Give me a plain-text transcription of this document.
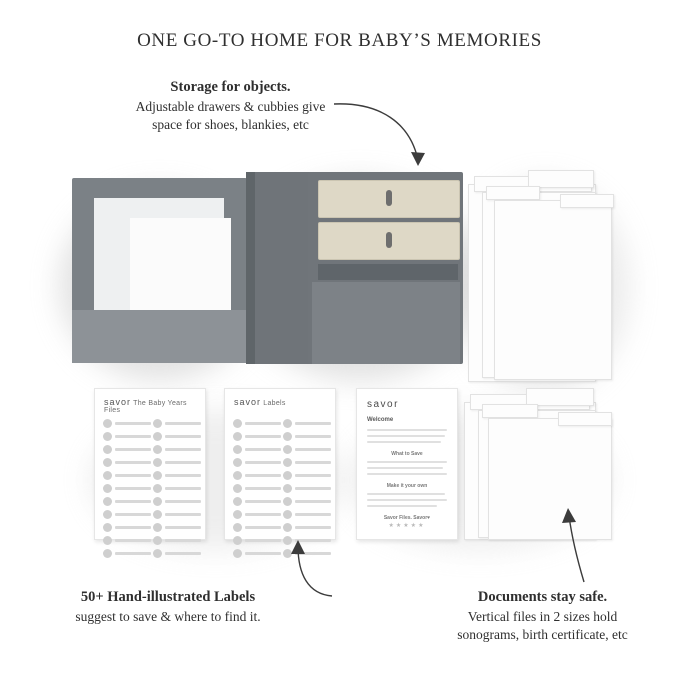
ONE GO-TO HOME FOR BABY’S MEMORIES
savor The Baby Years Files
savor Labels	savor
Welcome
What to Save
Make it your own
Savor Files. Savor♥
★★★★★
Storage for objects.
Adjustable drawers & cubbies give
space for shoes, blankies, etc
50+ Hand-illustrated Labels
suggest to save & where to find it.
Documents stay safe.
Vertical files in 2 sizes hold
sonograms, birth certificate, etc
